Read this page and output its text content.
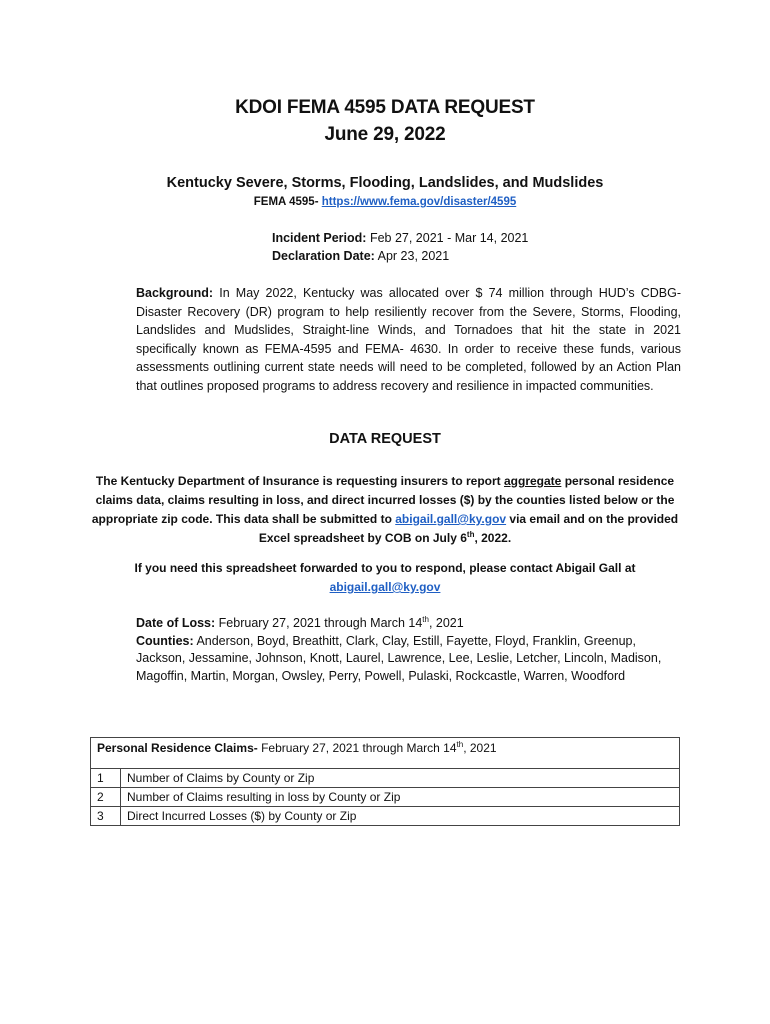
KDOI FEMA 4595 DATA REQUEST
June 29, 2022
Kentucky Severe, Storms, Flooding, Landslides, and Mudslides
FEMA 4595- https://www.fema.gov/disaster/4595
Incident Period: Feb 27, 2021 - Mar 14, 2021
Declaration Date: Apr 23, 2021
Background: In May 2022, Kentucky was allocated over $ 74 million through HUD’s CDBG-Disaster Recovery (DR) program to help resiliently recover from the Severe, Storms, Flooding, Landslides and Mudslides, Straight-line Winds, and Tornadoes that hit the state in 2021 specifically known as FEMA-4595 and FEMA- 4630. In order to receive these funds, various assessments outlining current state needs will need to be completed, followed by an Action Plan that outlines proposed programs to address recovery and resilience in impacted communities.
DATA REQUEST
The Kentucky Department of Insurance is requesting insurers to report aggregate personal residence claims data, claims resulting in loss, and direct incurred losses ($) by the counties listed below or the appropriate zip code. This data shall be submitted to abigail.gall@ky.gov via email and on the provided Excel spreadsheet by COB on July 6th, 2022.
If you need this spreadsheet forwarded to you to respond, please contact Abigail Gall at
abigail.gall@ky.gov
Date of Loss: February 27, 2021 through March 14th, 2021
Counties: Anderson, Boyd, Breathitt, Clark, Clay, Estill, Fayette, Floyd, Franklin, Greenup, Jackson, Jessamine, Johnson, Knott, Laurel, Lawrence, Lee, Leslie, Letcher, Lincoln, Madison, Magoffin, Martin, Morgan, Owsley, Perry, Powell, Pulaski, Rockcastle, Warren, Woodford
Personal Residence Claims- February 27, 2021 through March 14th, 2021	
1	Number of Claims by County or Zip
2	Number of Claims resulting in loss by County or Zip
3	Direct Incurred Losses ($) by County or Zip
